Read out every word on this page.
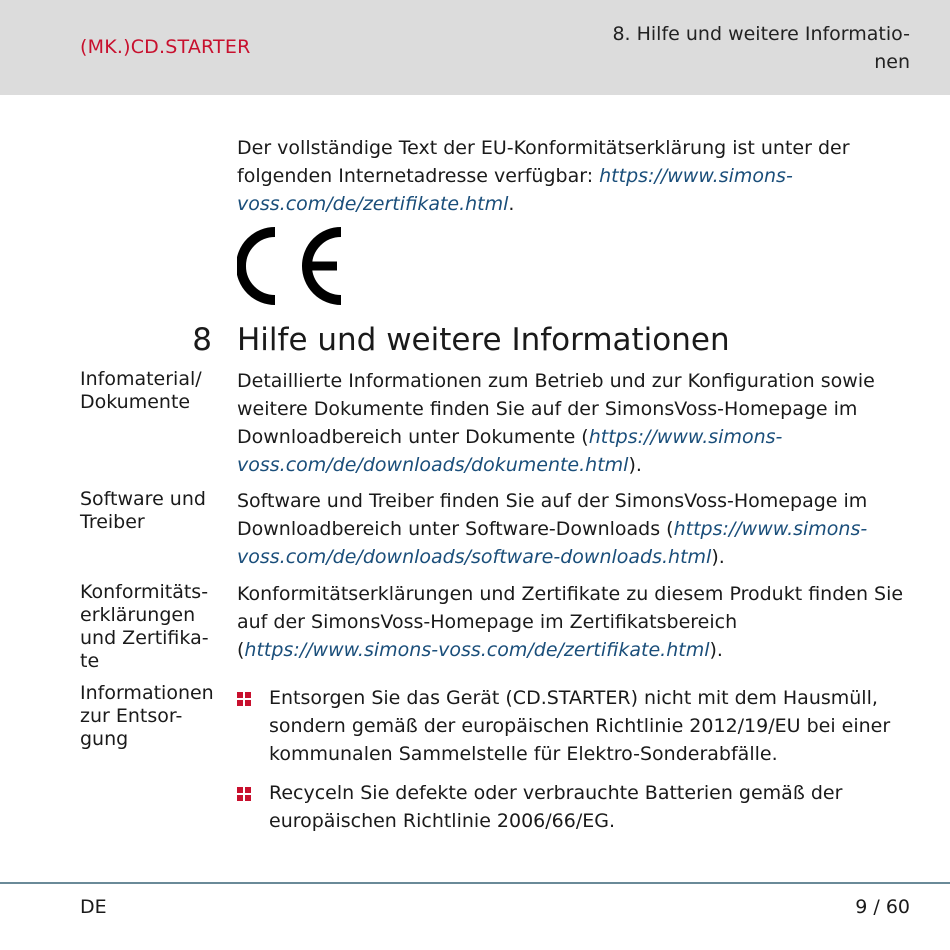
(MK.)CD.STARTER
8. Hilfe und weitere Informatio-
nen
Der vollständige Text der EU-Konformitätserklärung ist unter der folgenden Internetadresse verfügbar: https://www.simons-voss.com/de/zertifikate.html.
8 Hilfe und weitere Informationen
Infomaterial/ Dokumente
Detaillierte Informationen zum Betrieb und zur Konfiguration sowie weitere Dokumente finden Sie auf der SimonsVoss-Homepage im Downloadbereich unter Dokumente (https://www.simons-voss.com/de/downloads/dokumente.html).
Software und Treiber
Software und Treiber finden Sie auf der SimonsVoss-Homepage im Downloadbereich unter Software-Downloads (https://www.simons-voss.com/de/downloads/software-downloads.html).
Konformitäts-erklärungen und Zertifika-te
Konformitätserklärungen und Zertifikate zu diesem Produkt finden Sie auf der SimonsVoss-Homepage im Zertifikatsbereich (https://www.simons-voss.com/de/zertifikate.html).
Informationen zur Entsor-gung
Entsorgen Sie das Gerät (CD.STARTER) nicht mit dem Hausmüll, sondern gemäß der europäischen Richtlinie 2012/19/EU bei einer kommunalen Sammelstelle für Elektro-Sonderabfälle.
Recyceln Sie defekte oder verbrauchte Batterien gemäß der europäischen Richtlinie 2006/66/EG.
DE	9 / 60
